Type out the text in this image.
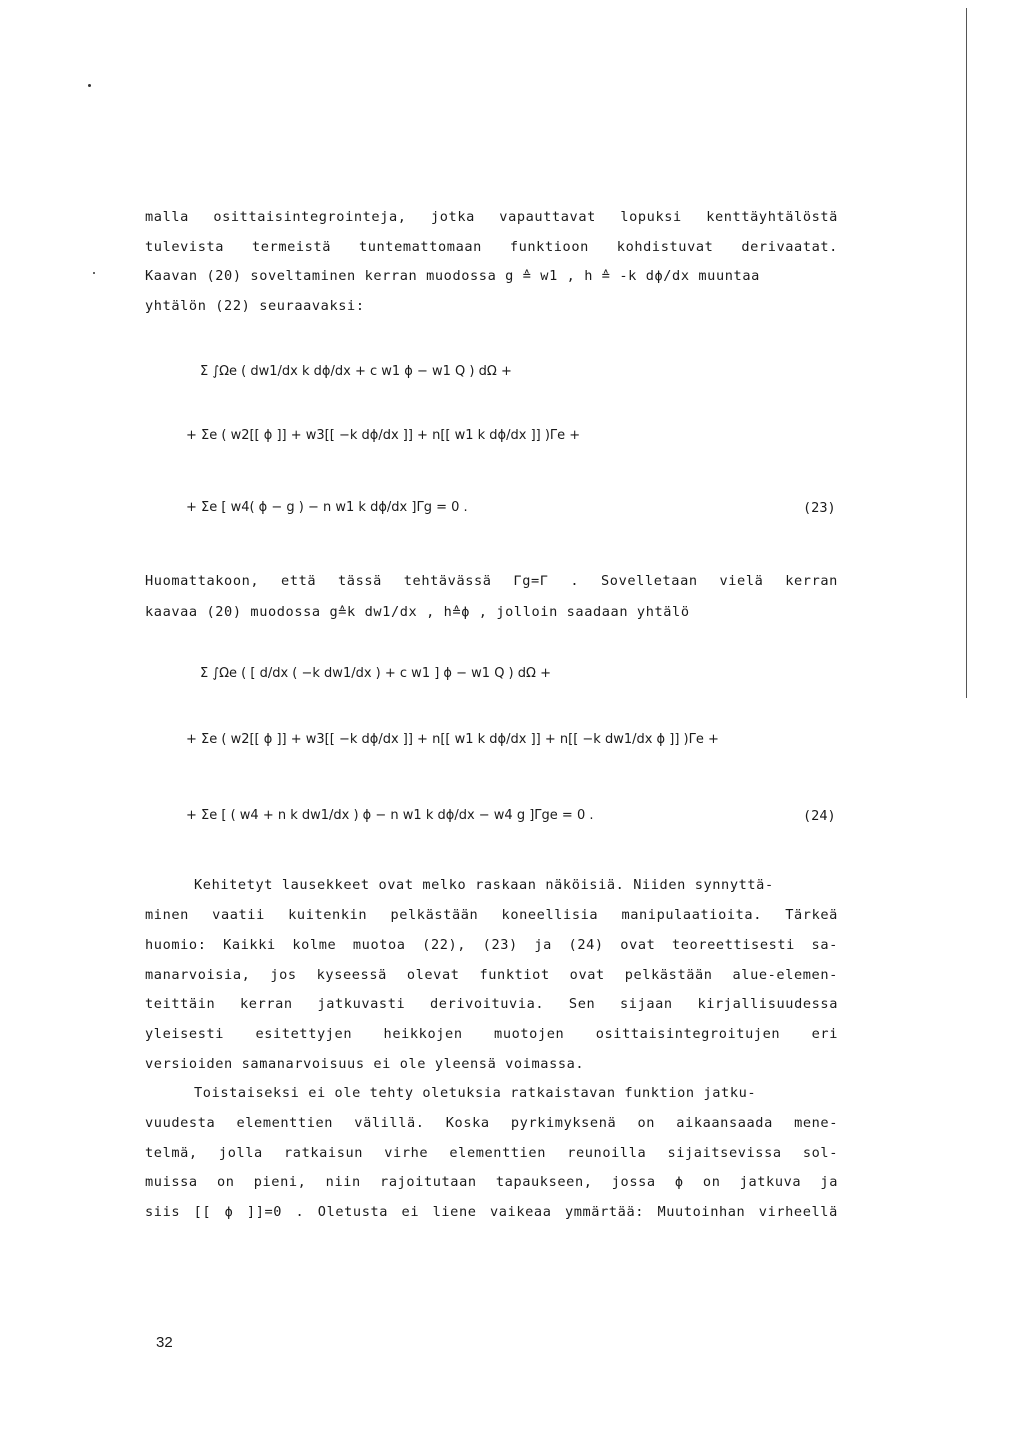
malla osittaisintegrointeja, jotka vapauttavat lopuksi kenttäyhtälöstä
tulevista termeistä tuntemattomaan funktioon kohdistuvat derivaatat.
Kaavan (20) soveltaminen kerran muodossa g ≙ w1 , h ≙ -k dϕ/dx muuntaa
yhtälön (22) seuraavaksi:
Σ ∫Ωe ( dw1/dx k dϕ/dx + c w1 ϕ − w1 Q ) dΩ +
+ Σe ( w2[[ ϕ ]] + w3[[ −k dϕ/dx ]] + n[[ w1 k dϕ/dx ]] )Γe +
+ Σe [ w4( ϕ − g ) − n w1 k dϕ/dx ]Γg = 0 .	(23)
Huomattakoon, että tässä tehtävässä Γg=Γ . Sovelletaan vielä kerran
kaavaa (20) muodossa g≙k dw1/dx , h≙ϕ , jolloin saadaan yhtälö
Σ ∫Ωe ( [ d/dx ( −k dw1/dx ) + c w1 ] ϕ − w1 Q ) dΩ +
+ Σe ( w2[[ ϕ ]] + w3[[ −k dϕ/dx ]] + n[[ w1 k dϕ/dx ]] + n[[ −k dw1/dx ϕ ]] )Γe +
+ Σe [ ( w4 + n k dw1/dx ) ϕ − n w1 k dϕ/dx − w4 g ]Γge = 0 .	(24)
Kehitetyt lausekkeet ovat melko raskaan näköisiä. Niiden synnyttä-
minen vaatii kuitenkin pelkästään koneellisia manipulaatioita. Tärkeä
huomio: Kaikki kolme muotoa (22), (23) ja (24) ovat teoreettisesti sa-
manarvoisia, jos kyseessä olevat funktiot ovat pelkästään alue-elemen-
teittäin kerran jatkuvasti derivoituvia. Sen sijaan kirjallisuudessa
yleisesti esitettyjen heikkojen muotojen osittaisintegroitujen eri
versioiden samanarvoisuus ei ole yleensä voimassa.
Toistaiseksi ei ole tehty oletuksia ratkaistavan funktion jatku-
vuudesta elementtien välillä. Koska pyrkimyksenä on aikaansaada mene-
telmä, jolla ratkaisun virhe elementtien reunoilla sijaitsevissa sol-
muissa on pieni, niin rajoitutaan tapaukseen, jossa ϕ on jatkuva ja
siis [[ ϕ ]]=0 . Oletusta ei liene vaikeaa ymmärtää: Muutoinhan virheellä
32
